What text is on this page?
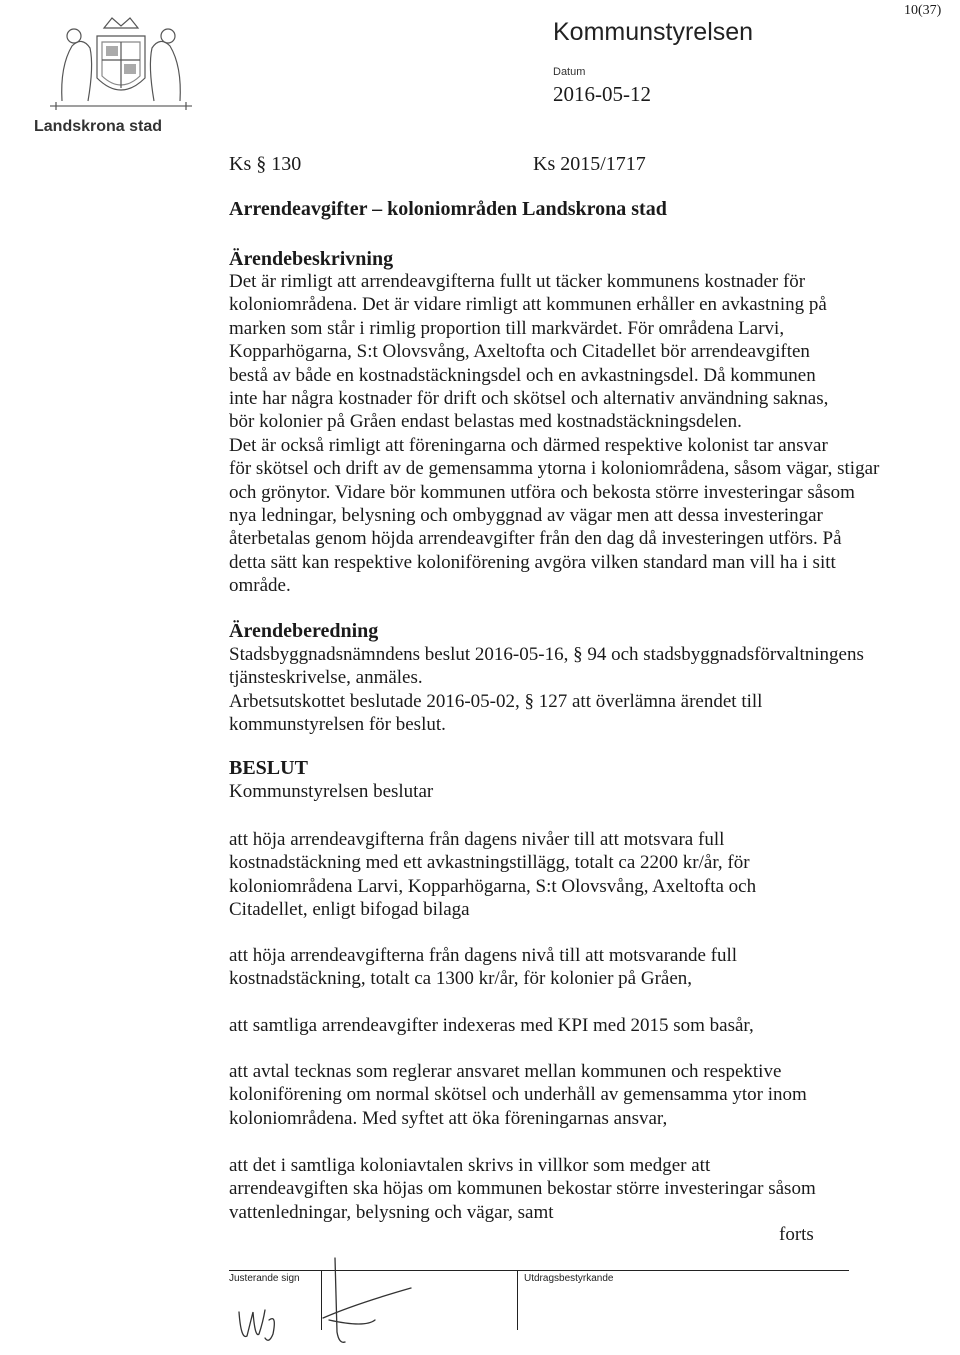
Landskrona stad
Kommunstyrelsen
Datum
2016-05-12
10(37)
Ks § 130	Ks 2015/1717
Arrendeavgifter – koloniområden Landskrona stad
Ärendebeskrivning
Det är rimligt att arrendeavgifterna fullt ut täcker kommunens kostnader för
koloniområdena. Det är vidare rimligt att kommunen erhåller en avkastning på
marken som står i rimlig proportion till markvärdet. För områdena Larvi,
Kopparhögarna, S:t Olovsvång, Axeltofta och Citadellet bör arrendeavgiften
bestå av både en kostnadstäckningsdel och en avkastningsdel. Då kommunen
inte har några kostnader för drift och skötsel och alternativ användning saknas,
bör kolonier på Gråen endast belastas med kostnadstäckningsdelen.
Det är också rimligt att föreningarna och därmed respektive kolonist tar ansvar
för skötsel och drift av de gemensamma ytorna i koloniområdena, såsom vägar, stigar
och grönytor. Vidare bör kommunen utföra och bekosta större investeringar såsom
nya ledningar, belysning och ombyggnad av vägar men att dessa investeringar
återbetalas genom höjda arrendeavgifter från den dag då investeringen utförs. På
detta sätt kan respektive koloniförening avgöra vilken standard man vill ha i sitt
område.
Ärendeberedning
Stadsbyggnadsnämndens beslut 2016-05-16, § 94 och stadsbyggnadsförvaltningens
tjänsteskrivelse, anmäles.
Arbetsutskottet beslutade 2016-05-02, § 127 att överlämna ärendet till
kommunstyrelsen för beslut.
BESLUT
Kommunstyrelsen beslutar
att höja arrendeavgifterna från dagens nivåer till att motsvara full
kostnadstäckning med ett avkastningstillägg, totalt ca 2200 kr/år, för
koloniområdena Larvi, Kopparhögarna, S:t Olovsvång, Axeltofta och
Citadellet, enligt bifogad bilaga
att höja arrendeavgifterna från dagens nivå till att motsvarande full
kostnadstäckning, totalt ca 1300 kr/år, för kolonier på Gråen,
att samtliga arrendeavgifter indexeras med KPI med 2015 som basår,
att avtal tecknas som reglerar ansvaret mellan kommunen och respektive
koloniförening om normal skötsel och underhåll av gemensamma ytor inom
koloniområdena. Med syftet att öka föreningarnas ansvar,
att det i samtliga koloniavtalen skrivs in villkor som medger att
arrendeavgiften ska höjas om kommunen bekostar större investeringar såsom
vattenledningar, belysning och vägar, samt
forts
Justerande sign	Utdragsbestyrkande
